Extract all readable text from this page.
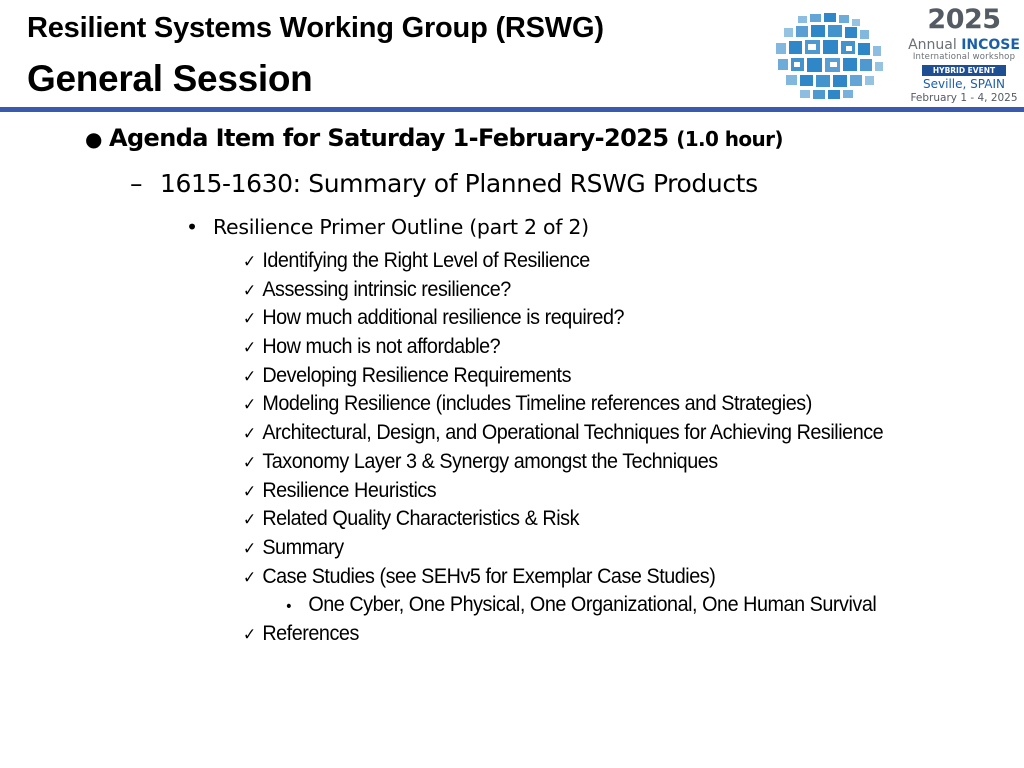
Resilient Systems Working Group (RSWG)
General Session
2025
Annual INCOSE
International workshop
HYBRID EVENT
Seville, SPAIN
February 1 - 4, 2025
● Agenda Item for Saturday 1-February-2025 (1.0 hour)
– 1615-1630: Summary of Planned RSWG Products
• Resilience Primer Outline (part 2 of 2)
✓ Identifying the Right Level of Resilience
✓ Assessing intrinsic resilience?
✓ How much additional resilience is required?
✓ How much is not affordable?
✓ Developing Resilience Requirements
✓ Modeling Resilience (includes Timeline references and Strategies)
✓ Architectural, Design, and Operational Techniques for Achieving Resilience
✓ Taxonomy Layer 3 & Synergy amongst the Techniques
✓ Resilience Heuristics
✓ Related Quality Characteristics & Risk
✓ Summary
✓ Case Studies (see SEHv5 for Exemplar Case Studies)
• One Cyber, One Physical, One Organizational, One Human Survival
✓ References
